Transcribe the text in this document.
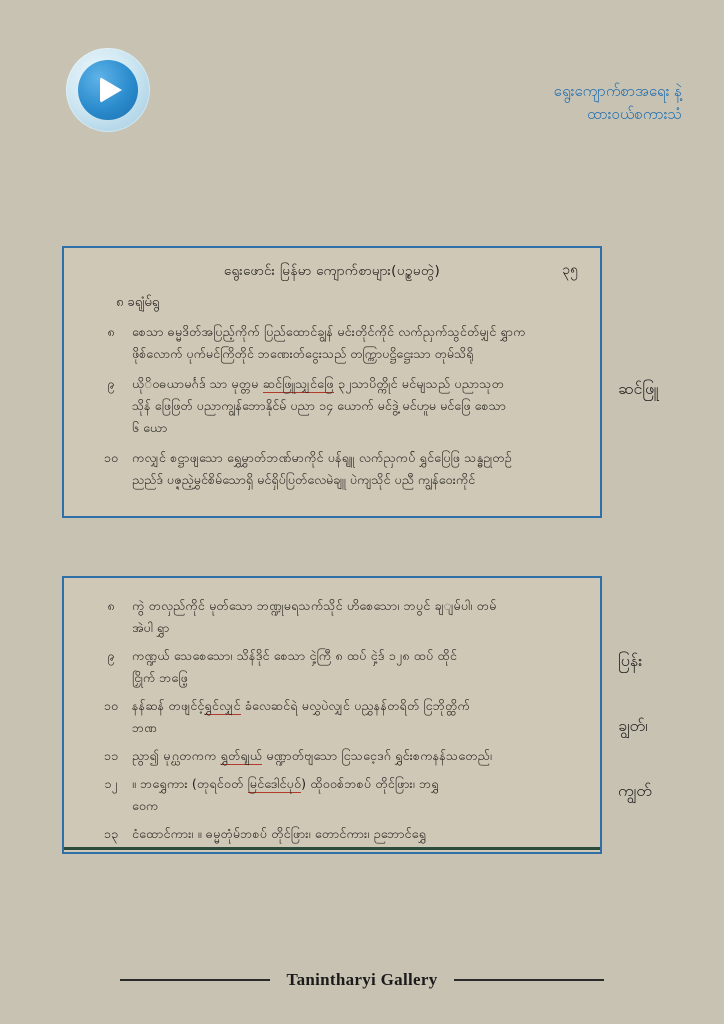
ရွေးကျောက်စာအရေး နဲ့
ထားဝယ်စကားသံ
ရွေးဖောင်း မြန်မာ ကျောက်စာများ(ပဉ္စမတွဲ)	၃၅
၈ ခရျံမ်ရွ
၈	စေသာ ဓမ္မဒိတ်အပြည့်ကိုက် ပြည်ထောင်ချွန် မင်းတိုင်ကိုင် လက်ညှက်သွင်တ်မျှင် ရွှာက
ဖိုစ်လောက် ပုက်မင်ကြိတိုင် ဘဏေးတ်ငွေးသည် တက္ကြာပဋ္ဌိဋ္ဌေးသာ တုမ်သိရို
၉	ယိုိဝဓယာမင်္ဂဒ် သာ မုတ္တမ ဆင်ဖြူသျှင်ဖြေ ၃၂သာပိတ္ကိုင် မင်မျသည် ပညာသုတ
သိုန် ဖြေဖြတ် ပညာကျွန်ဘောနိုင်မ် ပညာ ၁၄ ယောက် မင်ဒွဲ့ မင်ဟူမ မင်ဖြေ စေသာ
၆ ယော
၁၀	ကလျှင် စဋ္ဌာဖျသော ရွှေမွှာတ်ဘဏ်မာကိုင် ပန်ရျူ လက်ညှကပ်် ရွှင်ပြေဖြ သန္ဓဥုတဉ်
ညည်ဒ် ပဇ္ဍညဲ့မွှင်စိမ်သောရှိ မင်ရှိပ်ပြတ်လေမဲချူ ပဲကျသိုင် ပညီ ကျွန်ဝေးကိုင်
ဆင်ဖြူ
၈	ကွဲ တလှည်ကိုင် မုတ်သော ဘဏ္ဍုမရသက်သိုင် ဟိစေသော၊ ဘပွင် ချျမ်ပါ၊ တမ်
အဲပါ ရွှာ
၉	ကဏ္ဍယ် သေစေသော၊ သိန်ဒိုင် စေသာ ငှဲ့ကြီ ၈ ထပ် ငှဲ့ဒ် ၁၂၈ ထပ် ထိုင်
ငြှိုက် ဘဖြေ့
၁၀	နန်ဆန် တဖျင်င့်ရွှင်လျှင် ခံလေဆင်ရဲ မလွှပဲလျှင် ပညွှနန်တရိတ် ငြဘိုတ္ထိက်
ဘဏ
၁၁	ညွာ၍ မုဂ္ဃတကက ရွှတ်ရျယ် မဏ္ဍာတ်ဗျသော ငြသငေ့ဒဂ် ရွှင်းစကနန်သတေည်၊
၁၂	။ ဘရွှေကား (တုရင်ဝတ် မြင်ဒေါင်ပုဝ်) ထိုဝဝစ်ဘစပ် တိုင်ဖြား၊ ဘရွှ
ဝေက
၁၃	ငံထောင်ကား၊ ။ ဓမ္မတုံမ်ဘစပ် တိုင်ဖြား၊ တောင်ကား၊ ဉဘောင်ရွှေ
ပြန်း
ချွတ်၊
ကျွတ်
Tanintharyi Gallery
